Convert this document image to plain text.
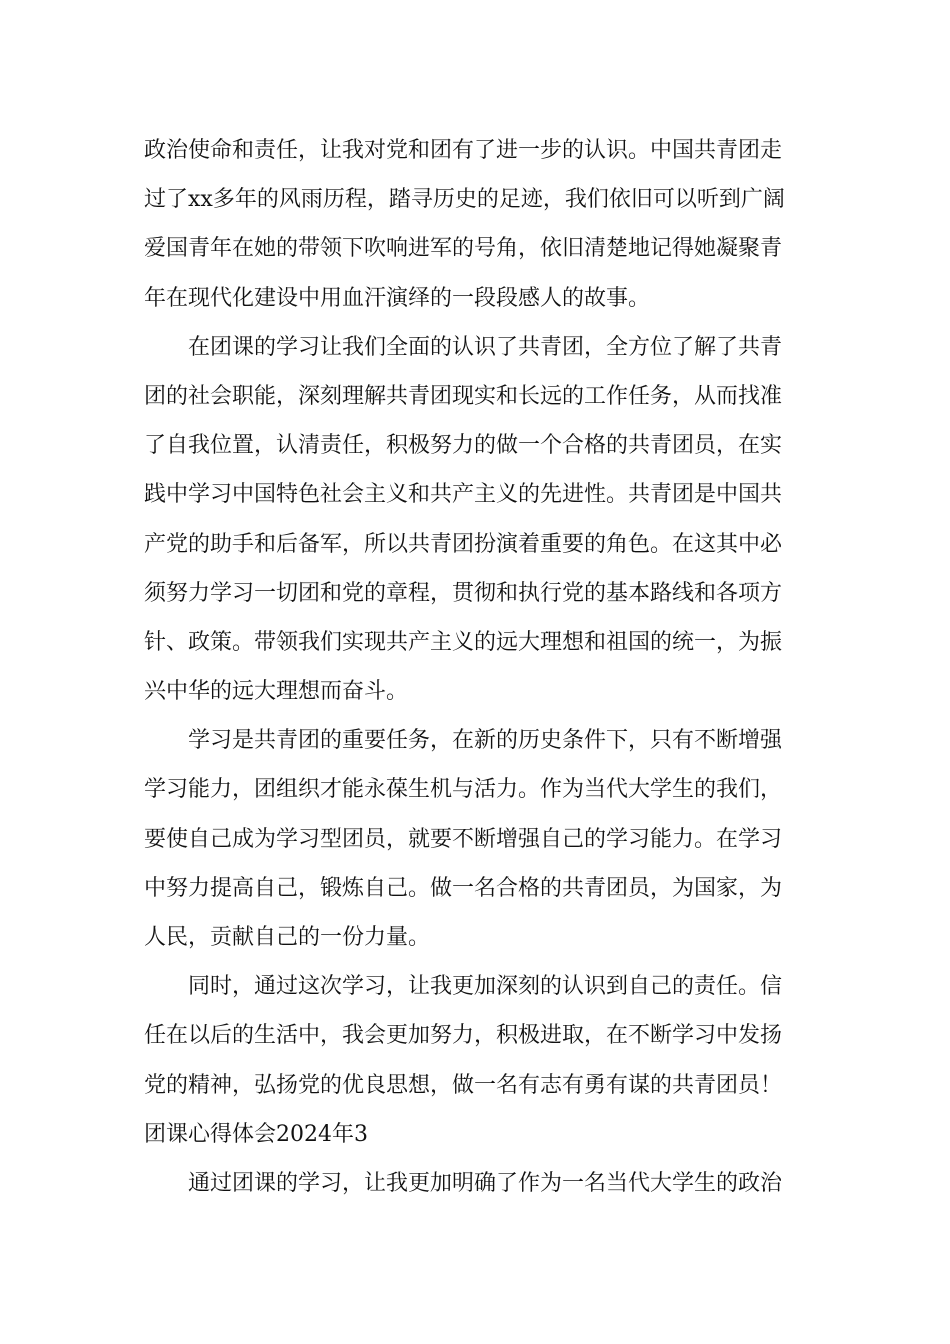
政治使命和责任，让我对党和团有了进一步的认识。中国共青团走
过了xx多年的风雨历程，踏寻历史的足迹，我们依旧可以听到广阔
爱国青年在她的带领下吹响进军的号角，依旧清楚地记得她凝聚青
年在现代化建设中用血汗演绎的一段段感人的故事。
在团课的学习让我们全面的认识了共青团，全方位了解了共青
团的社会职能，深刻理解共青团现实和长远的工作任务，从而找准
了自我位置，认清责任，积极努力的做一个合格的共青团员，在实
践中学习中国特色社会主义和共产主义的先进性。共青团是中国共
产党的助手和后备军，所以共青团扮演着重要的角色。在这其中必
须努力学习一切团和党的章程，贯彻和执行党的基本路线和各项方
针、政策。带领我们实现共产主义的远大理想和祖国的统一，为振
兴中华的远大理想而奋斗。
学习是共青团的重要任务，在新的历史条件下，只有不断增强
学习能力，团组织才能永葆生机与活力。作为当代大学生的我们，
要使自己成为学习型团员，就要不断增强自己的学习能力。在学习
中努力提高自己，锻炼自己。做一名合格的共青团员，为国家，为
人民，贡献自己的一份力量。
同时，通过这次学习，让我更加深刻的认识到自己的责任。信
任在以后的生活中，我会更加努力，积极进取，在不断学习中发扬
党的精神，弘扬党的优良思想，做一名有志有勇有谋的共青团员！
团课心得体会2024年3
通过团课的学习，让我更加明确了作为一名当代大学生的政治
